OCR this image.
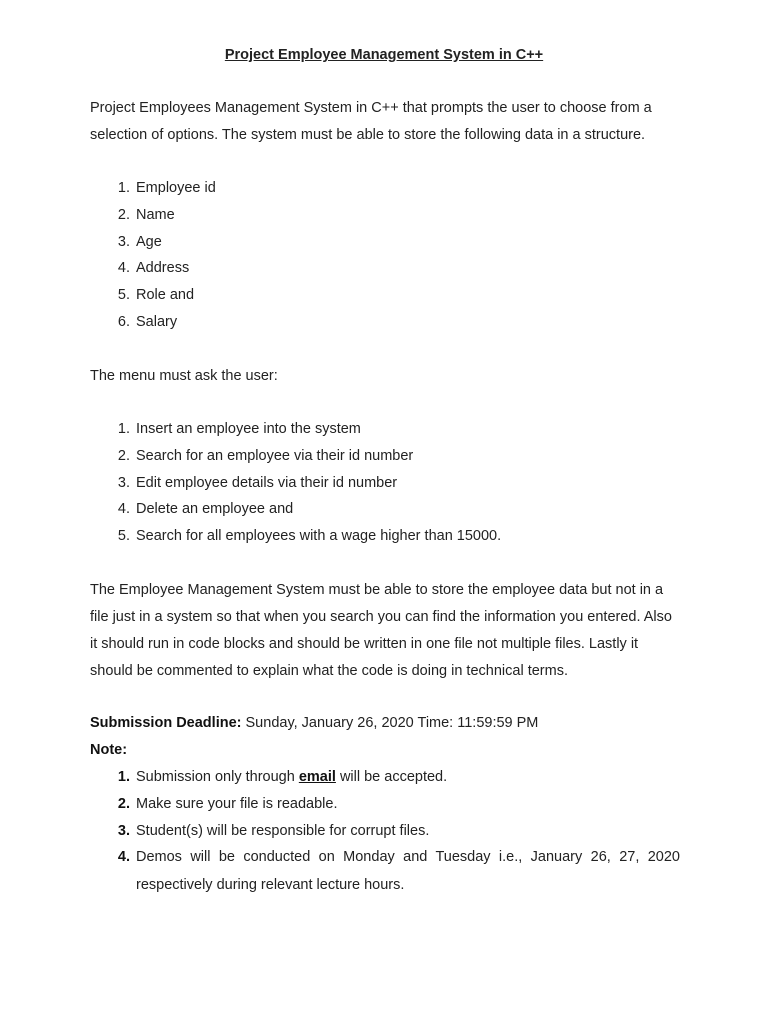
Project Employee Management System in C++

Project Employees Management System in C++ that prompts the user to choose from a selection of options. The system must be able to store the following data in a structure.

1. Employee id
2. Name
3. Age
4. Address
5. Role and
6. Salary

The menu must ask the user:

1. Insert an employee into the system
2. Search for an employee via their id number
3. Edit employee details via their id number
4. Delete an employee and
5. Search for all employees with a wage higher than 15000.

The Employee Management System must be able to store the employee data but not in a file just in a system so that when you search you can find the information you entered. Also it should run in code blocks and should be written in one file not multiple files. Lastly it should be commented to explain what the code is doing in technical terms.

Submission Deadline: Sunday, January 26, 2020 Time: 11:59:59 PM

Note:

1. Submission only through email will be accepted.
2. Make sure your file is readable.
3. Student(s) will be responsible for corrupt files.
4. Demos will be conducted on Monday and Tuesday i.e., January 26, 27, 2020
respectively during relevant lecture hours.
